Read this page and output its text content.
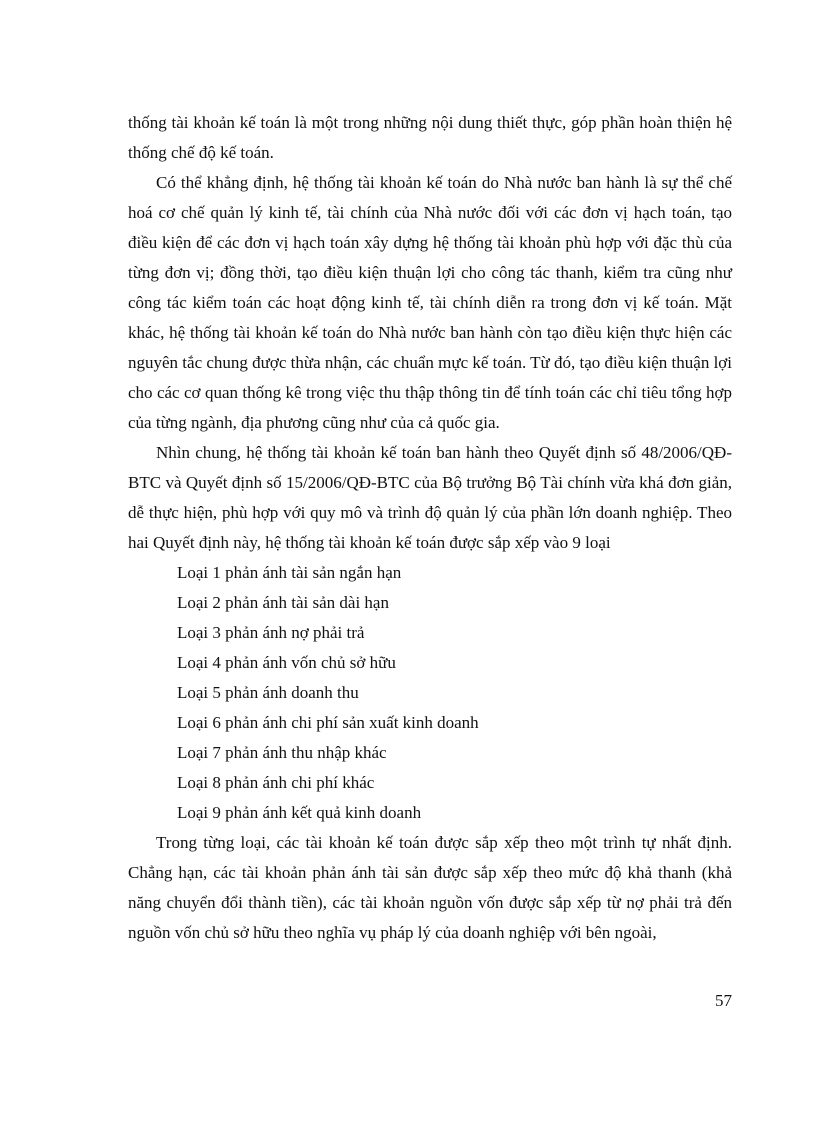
thống tài khoản kế toán là một trong những nội dung thiết thực, góp phần hoàn thiện hệ thống chế độ kế toán.

Có thể khẳng định, hệ thống tài khoản kế toán do Nhà nước ban hành là sự thể chế hoá cơ chế quản lý kinh tế, tài chính của Nhà nước đối với các đơn vị hạch toán, tạo điều kiện để các đơn vị hạch toán xây dựng hệ thống tài khoản phù hợp với đặc thù của từng đơn vị; đồng thời, tạo điều kiện thuận lợi cho công tác thanh, kiểm tra cũng như công tác kiểm toán các hoạt động kinh tế, tài chính diễn ra trong đơn vị kế toán. Mặt khác, hệ thống tài khoản kế toán do Nhà nước ban hành còn tạo điều kiện thực hiện các nguyên tắc chung được thừa nhận, các chuẩn mực kế toán. Từ đó, tạo điều kiện thuận lợi cho các cơ quan thống kê trong việc thu thập thông tin để tính toán các chỉ tiêu tổng hợp của từng ngành, địa phương cũng như của cả quốc gia.

Nhìn chung, hệ thống tài khoản kế toán ban hành theo Quyết định số 48/2006/QĐ-BTC và Quyết định số 15/2006/QĐ-BTC của Bộ trưởng Bộ Tài chính vừa khá đơn giản, dễ thực hiện, phù hợp với quy mô và trình độ quản lý của phần lớn doanh nghiệp. Theo hai Quyết định này, hệ thống tài khoản kế toán được sắp xếp vào 9 loại

Loại 1 phản ánh tài sản ngắn hạn
Loại 2 phản ánh tài sản dài hạn
Loại 3 phản ánh nợ phải trả
Loại 4 phản ánh vốn chủ sở hữu
Loại 5 phản ánh doanh thu
Loại 6 phản ánh chi phí sản xuất kinh doanh
Loại 7 phản ánh thu nhập khác
Loại 8 phản ánh chi phí khác
Loại 9 phản ánh kết quả kinh doanh

Trong từng loại, các tài khoản kế toán được sắp xếp theo một trình tự nhất định. Chẳng hạn, các tài khoản phản ánh tài sản được sắp xếp theo mức độ khả thanh (khả năng chuyển đổi thành tiền), các tài khoản nguồn vốn được sắp xếp từ nợ phải trả đến nguồn vốn chủ sở hữu theo nghĩa vụ pháp lý của doanh nghiệp với bên ngoài,

57
